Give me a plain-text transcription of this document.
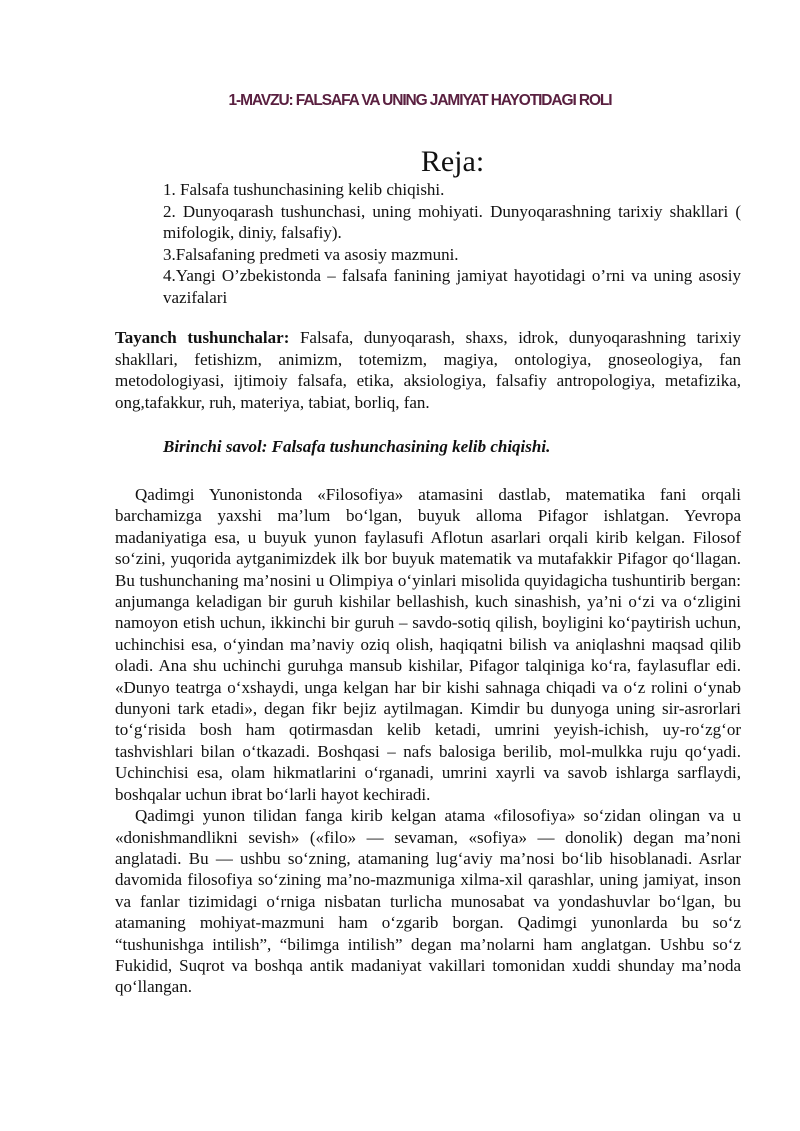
1-MAVZU: FALSAFA VA UNING JAMIYAT HAYOTIDAGI ROLI
Reja:

1. Falsafa tushunchasining kelib chiqishi.

2. Dunyoqarash tushunchasi, uning mohiyati. Dunyoqarashning tarixiy shakllari ( mifologik, diniy, falsafiy).

3.Falsafaning predmeti va asosiy mazmuni.

4.Yangi O’zbekistonda – falsafa fanining jamiyat hayotidagi o’rni va uning asosiy vazifalari

Tayanch tushunchalar: Falsafa, dunyoqarash, shaxs, idrok, dunyoqarashning tarixiy shakllari, fetishizm, animizm, totemizm, magiya, ontologiya, gnoseologiya, fan metodologiyasi, ijtimoiy falsafa, etika, aksiologiya, falsafiy antropologiya, metafizika, ong,tafakkur, ruh, materiya, tabiat, borliq, fan.

Birinchi savol: Falsafa tushunchasining kelib chiqishi.

Qadimgi Yunonistonda «Filosofiya» atamasini dastlab, matematika fani orqali barchamizga yaxshi ma’lum bo‘lgan, buyuk alloma Pifagor ishlatgan. Yevropa madaniyatiga esa, u buyuk yunon faylasufi Aflotun asarlari orqali kirib kelgan. Filosof so‘zini, yuqorida aytganimizdek ilk bor buyuk matematik va mutafakkir Pifagor qo‘llagan. Bu tushunchaning ma’nosini u Olimpiya o‘yinlari misolida quyidagicha tushuntirib bergan: anjumanga keladigan bir guruh kishilar bellashish, kuch sinashish, ya’ni o‘zi va o‘zligini namoyon etish uchun, ikkinchi bir guruh – savdo-sotiq qilish, boyligini ko‘paytirish uchun, uchinchisi esa, o‘yindan ma’naviy oziq olish, haqiqatni bilish va aniqlashni maqsad qilib oladi. Ana shu uchinchi guruhga mansub kishilar, Pifagor talqiniga ko‘ra, faylasuflar edi. «Dunyo teatrga o‘xshaydi, unga kelgan har bir kishi sahnaga chiqadi va o‘z rolini o‘ynab dunyoni tark etadi», degan fikr bejiz aytilmagan. Kimdir bu dunyoga uning sir-asrorlari to‘g‘risida bosh ham qotirmasdan kelib ketadi, umrini yeyish-ichish, uy-ro‘zg‘or tashvishlari bilan o‘tkazadi. Boshqasi – nafs balosiga berilib, mol-mulkka ruju qo‘yadi. Uchinchisi esa, olam hikmatlarini o‘rganadi, umrini xayrli va savob ishlarga sarflaydi, boshqalar uchun ibrat bo‘larli hayot kechiradi.

Qadimgi yunon tilidan fanga kirib kelgan atama «filosofiya» so‘zidan olingan va u «donishmandlikni sevish» («filo» — sevaman, «sofiya» — donolik) degan ma’noni anglatadi. Bu — ushbu so‘zning, atamaning lug‘aviy ma’nosi bo‘lib hisoblanadi. Asrlar davomida filosofiya so‘zining ma’no-mazmuniga xilma-xil qarashlar, uning jamiyat, inson va fanlar tizimidagi o‘rniga nisbatan turlicha munosabat va yondashuvlar bo‘lgan, bu atamaning mohiyat-mazmuni ham o‘zgarib borgan. Qadimgi yunonlarda bu so‘z “tushunishga intilish”, “bilimga intilish” degan ma’nolarni ham anglatgan. Ushbu so‘z Fukidid, Suqrot va boshqa antik madaniyat vakillari tomonidan xuddi shunday ma’noda qo‘llangan.
